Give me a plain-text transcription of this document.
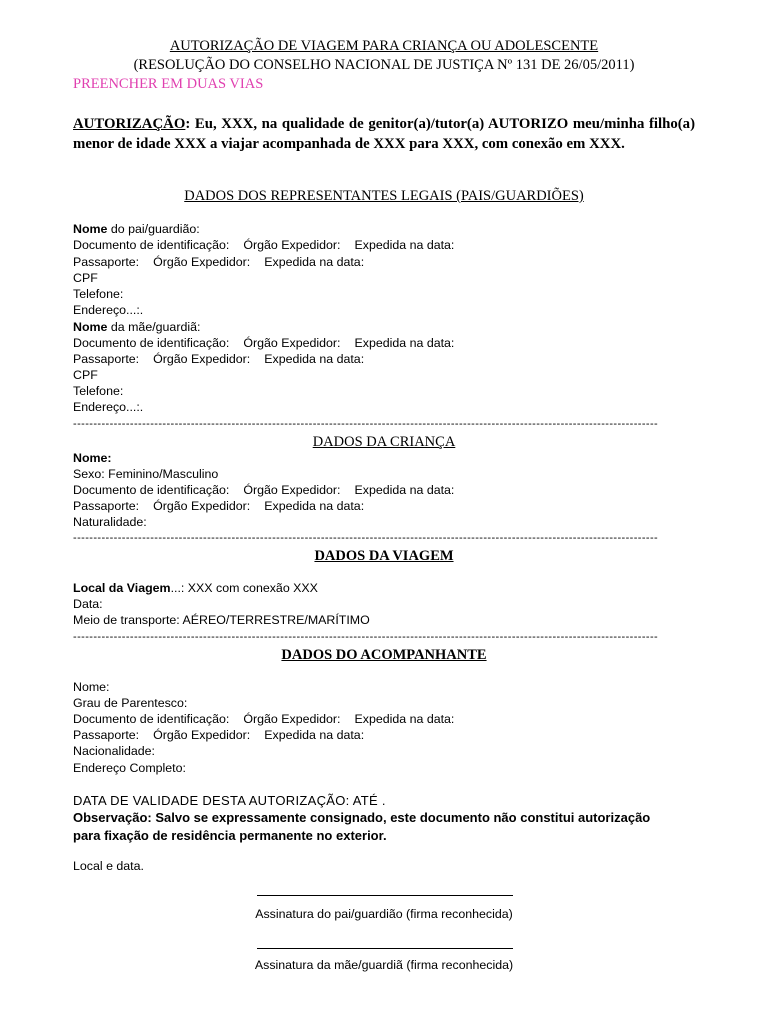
AUTORIZAÇÃO DE VIAGEM PARA CRIANÇA OU ADOLESCENTE
(RESOLUÇÃO DO CONSELHO NACIONAL DE JUSTIÇA Nº 131 DE 26/05/2011)
PREENCHER EM DUAS VIAS
AUTORIZAÇÃO: Eu, XXX, na qualidade de genitor(a)/tutor(a) AUTORIZO meu/minha filho(a) menor de idade XXX a viajar acompanhada de XXX para XXX, com conexão em XXX.
DADOS DOS REPRESENTANTES LEGAIS (PAIS/GUARDIÕES)
Nome do pai/guardião:
Documento de identificação: Órgão Expedidor: Expedida na data:
Passaporte: Órgão Expedidor: Expedida na data:
CPF
Telefone:
Endereço...:.
Nome da mãe/guardiã:
Documento de identificação: Órgão Expedidor: Expedida na data:
Passaporte: Órgão Expedidor: Expedida na data:
CPF
Telefone:
Endereço...:.
------------------------------------------------------------------------------------------------------------------------------------------------
DADOS DA CRIANÇA
Nome:
Sexo: Feminino/Masculino
Documento de identificação: Órgão Expedidor: Expedida na data:
Passaporte: Órgão Expedidor: Expedida na data:
Naturalidade:
------------------------------------------------------------------------------------------------------------------------------------------------
DADOS DA VIAGEM
Local da Viagem...: XXX com conexão XXX
Data:
Meio de transporte: AÉREO/TERRESTRE/MARÍTIMO
------------------------------------------------------------------------------------------------------------------------------------------------
DADOS DO ACOMPANHANTE
Nome:
Grau de Parentesco:
Documento de identificação: Órgão Expedidor: Expedida na data:
Passaporte: Órgão Expedidor: Expedida na data:
Nacionalidade:
Endereço Completo:
DATA DE VALIDADE DESTA AUTORIZAÇÃO: ATÉ .
Observação: Salvo se expressamente consignado, este documento não constitui autorização para fixação de residência permanente no exterior.
Local e data.
Assinatura do pai/guardião (firma reconhecida)
Assinatura da mãe/guardiã (firma reconhecida)
